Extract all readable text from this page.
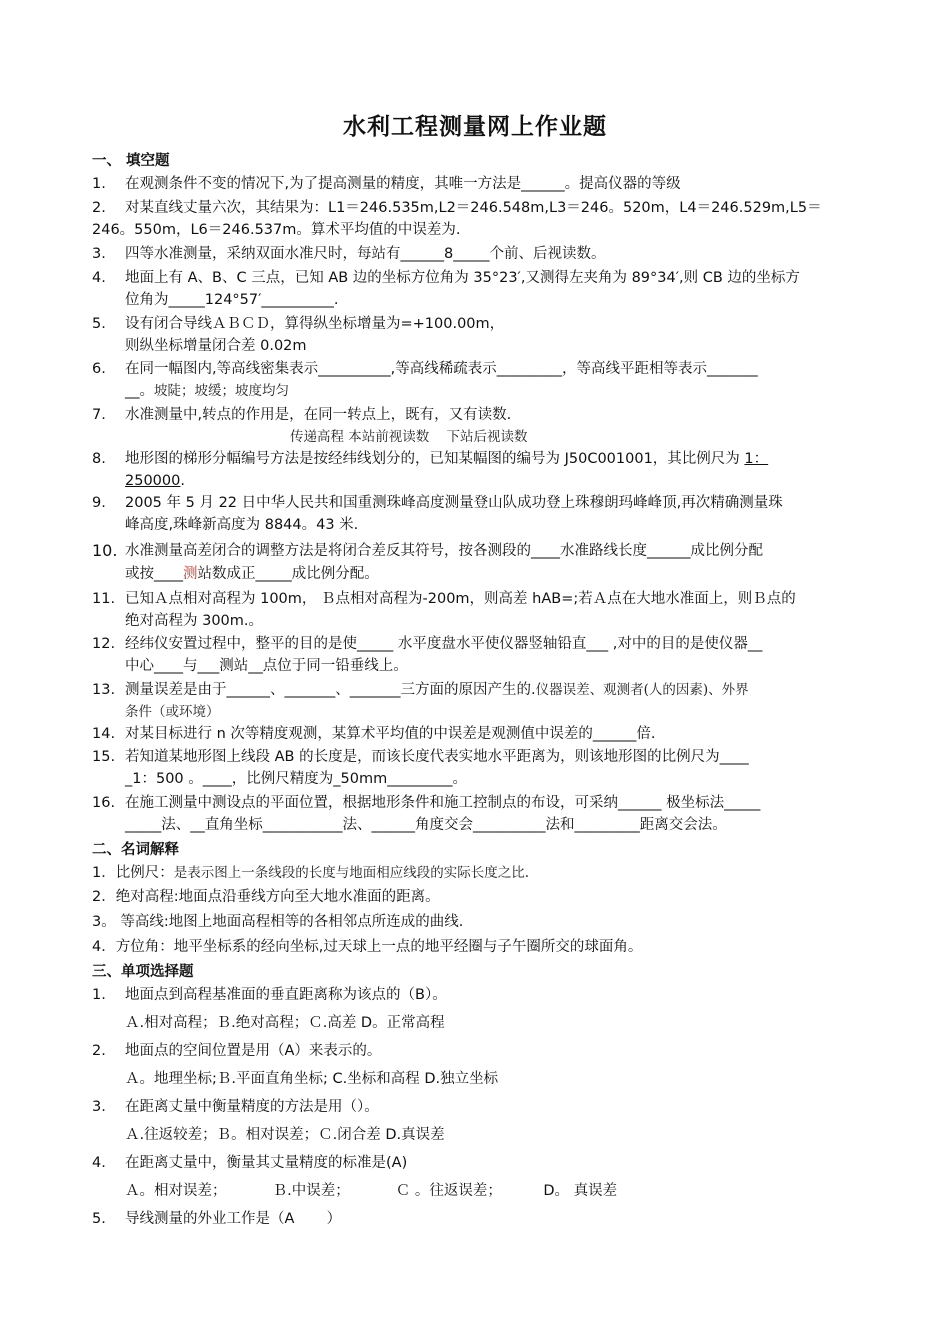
水利工程测量网上作业题
一、 填空题
1. 在观测条件不变的情况下,为了提高测量的精度，其唯一方法是______。提高仪器的等级
2. 对某直线丈量六次，其结果为：L1＝246.535m,L2＝246.548m,L3＝246。520m，L4＝246.529m,L5＝
246。550m，L6＝246.537m。算术平均值的中误差为.
3. 四等水准测量，采纳双面水准尺时，每站有______8_____个前、后视读数。
4. 地面上有 A、B、C 三点，已知 AB 边的坐标方位角为 35°23′,又测得左夹角为 89°34′,则 CB 边的坐标方
位角为_____124°57′__________.
5. 设有闭合导线ＡＢＣＤ，算得纵坐标增量为=+100.00m，
则纵坐标增量闭合差 0.02m
6. 在同一幅图内,等高线密集表示__________,等高线稀疏表示_________，等高线平距相等表示_______
__。坡陡；坡缓；坡度均匀
7. 水准测量中,转点的作用是，在同一转点上，既有，又有读数.
传递高程 本站前视读数    下站后视读数
8. 地形图的梯形分幅编号方法是按经纬线划分的，已知某幅图的编号为 J50C001001，其比例尺为 1：
250000.
9. 2005 年 5 月 22 日中华人民共和国重测珠峰高度测量登山队成功登上珠穆朗玛峰峰顶,再次精确测量珠
峰高度,珠峰新高度为 8844。43 米.
10. 水准测量高差闭合的调整方法是将闭合差反其符号，按各测段的____水准路线长度______成比例分配
或按____测站数成正_____成比例分配。
11. 已知Ａ点相对高程为 100m， Ｂ点相对高程为-200m，则高差 hAB=;若Ａ点在大地水准面上，则Ｂ点的
绝对高程为 300m.。
12. 经纬仪安置过程中，整平的目的是使_____ 水平度盘水平使仪器竖轴铅直___ ,对中的目的是使仪器__
中心____与___测站__点位于同一铅垂线上。
13. 测量误差是由于______、_______、_______三方面的原因产生的.仪器误差、观测者(人的因素)、外界
条件（或环境）
14. 对某目标进行 n 次等精度观测，某算术平均值的中误差是观测值中误差的______倍.
15. 若知道某地形图上线段 AB 的长度是，而该长度代表实地水平距离为，则该地形图的比例尺为____
_1：500 。____，比例尺精度为_50mm_________。
16. 在施工测量中测设点的平面位置，根据地形条件和施工控制点的布设，可采纳______ 极坐标法_____
_____法、__直角坐标___________法、______角度交会__________法和_________距离交会法。
二、名词解释
1．比例尺：是表示图上一条线段的长度与地面相应线段的实际长度之比.
2．绝对高程:地面点沿垂线方向至大地水准面的距离。
3。 等高线:地图上地面高程相等的各相邻点所连成的曲线.
4．方位角：地平坐标系的经向坐标,过天球上一点的地平经圈与子午圈所交的球面角。
三、单项选择题
1. 地面点到高程基准面的垂直距离称为该点的（B）。
Ａ.相对高程；Ｂ.绝对高程；Ｃ.高差 D。正常高程
2. 地面点的空间位置是用（A）来表示的。
Ａ。地理坐标;Ｂ.平面直角坐标; C.坐标和高程 D.独立坐标
3. 在距离丈量中衡量精度的方法是用（）。
Ａ.往返较差；Ｂ。相对误差；Ｃ.闭合差 D.真误差
4. 在距离丈量中，衡量其丈量精度的标准是(A)
Ａ。相对误差；          Ｂ.中误差；          Ｃ 。往返误差；         D。 真误差
5. 导线测量的外业工作是（A       ）
